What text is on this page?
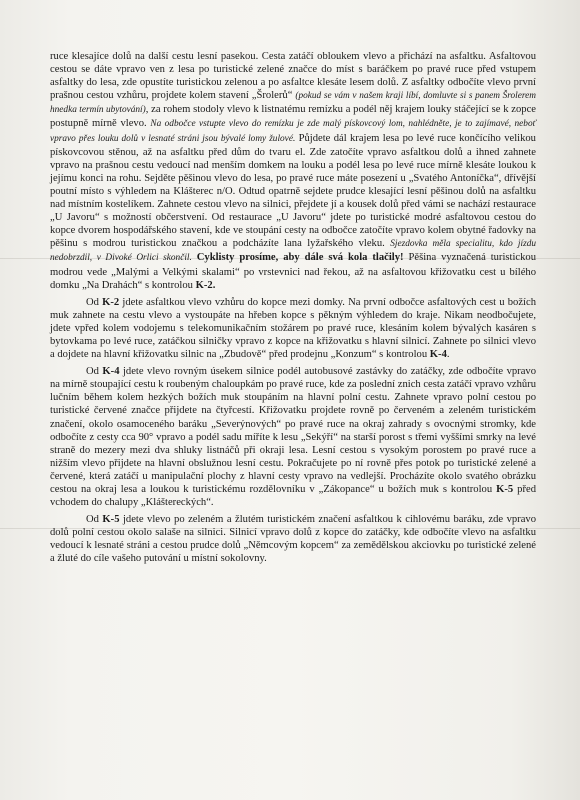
ruce klesajíce dolů na další cestu lesní pasekou. Cesta zatáčí obloukem vlevo a přichází na asfaltku. Asfaltovou cestou se dáte vpravo ven z lesa po turistické zelené značce do míst s baráčkem po pravé ruce před vstupem asfaltky do lesa, zde opustíte turistickou zelenou a po asfaltce klesáte lesem dolů. Z asfaltky odbočíte vlevo první prašnou cestou vzhůru, projdete kolem stavení „Šrolerů“ (pokud se vám v našem kraji líbí, domluvte si s panem Šrolerem hnedka termín ubytování), za rohem stodoly vlevo k listnatému remízku a podél něj krajem louky stáčející se k zopce postupně mírně vlevo. Na odbočce vstupte vlevo do remízku je zde malý pískovcový lom, nahlédněte, je to zajímavé, neboť vpravo přes louku dolů v lesnaté stráni jsou bývalé lomy žulové. Půjdete dál krajem lesa po levé ruce končícího velikou pískovcovou stěnou, až na asfaltku před dům do tvaru el. Zde zatočíte vpravo asfaltkou dolů a ihned zahnete vpravo na prašnou cestu vedoucí nad menším domkem na louku a podél lesa po levé ruce mírně klesáte loukou k jejímu konci na rohu. Sejděte pěšinou vlevo do lesa, po pravé ruce máte posezení u „Svatého Antoníčka“, dřívější poutní místo s výhledem na Klášterec n/O. Odtud opatrně sejdete prudce klesající lesní pěšinou dolů na asfaltku nad místním kostelíkem. Zahnete cestou vlevo na silnici, přejdete jí a kousek dolů před vámi se nachází restaurace „U Javoru“ s možností občerstvení. Od restaurace „U Javoru“ jdete po turistické modré asfaltovou cestou do kopce dvorem hospodářského stavení, kde ve stoupání cesty na odbočce zatočíte vpravo kolem obytné řadovky na pěšinu s modrou turistickou značkou a podcházíte lana lyžařského vleku. Sjezdovka měla specialitu, kdo jízdu nedobrzdil, v Divoké Orlici skončil. Cyklisty prosíme, aby dále svá kola tlačily! Pěšina vyznačená turistickou modrou vede „Malými a Velkými skalami“ po vrstevnici nad řekou, až na asfaltovou křižovatku cest u bílého domku „Na Drahách“ s kontrolou K-2.

Od K-2 jdete asfaltkou vlevo vzhůru do kopce mezi domky. Na první odbočce asfaltových cest u božích muk zahnete na cestu vlevo a vystoupáte na hřeben kopce s pěkným výhledem do kraje. Nikam neodbočujete, jdete vpřed kolem vodojemu s telekomunikačním stožárem po pravé ruce, klesáním kolem bývalých kasáren s bytovkama po levé ruce, zatáčkou silničky vpravo z kopce na křižovatku s hlavní silnicí. Zahnete po silnici vlevo a dojdete na hlavní křižovatku silnic na „Zbudově“ před prodejnu „Konzum“ s kontrolou K-4.

Od K-4 jdete vlevo rovným úsekem silnice podél autobusové zastávky do zatáčky, zde odbočíte vpravo na mírně stoupající cestu k roubeným chaloupkám po pravé ruce, kde za poslední znich cesta zatáčí vpravo vzhůru lučním během kolem hezkých božích muk stoupáním na hlavní polní cestu. Zahnete vpravo polní cestou po turistické červené značce přijdete na čtyřcestí. Křižovatku projdete rovně po červeném a zeleném turistickém značení, okolo osamoceného baráku „Severýnových“ po pravé ruce na okraj zahrady s ovocnými stromky, kde odbočíte z cesty cca 90° vpravo a podél sadu míříte k lesu „Sekýří“ na starší porost s třemi vyššími smrky na levé straně do mezery mezi dva shluky listnáčů při okraji lesa. Lesní cestou s vysokým porostem po pravé ruce a nižším vlevo přijdete na hlavní obslužnou lesní cestu. Pokračujete po ní rovně přes potok po turistické zelené a červené, která zatáčí u manipulační plochy z hlavní cesty vpravo na vedlejší. Procházíte okolo svatého obrázku cestou na okraj lesa a loukou k turistickému rozdělovníku v „Zákopance“ u božích muk s kontrolou K-5 před vchodem do chalupy „Kláštereckých“.

Od K-5 jdete vlevo po zeleném a žlutém turistickém značení asfaltkou k cihlovému baráku, zde vpravo dolů polní cestou okolo salaše na silnici. Silnicí vpravo dolů z kopce do zatáčky, kde odbočíte vlevo na asfaltku vedoucí k lesnaté stráni a cestou prudce dolů „Němcovým kopcem“ za zemědělskou akciovku po turistické zelené a žluté do cíle vašeho putování u místní sokolovny.
